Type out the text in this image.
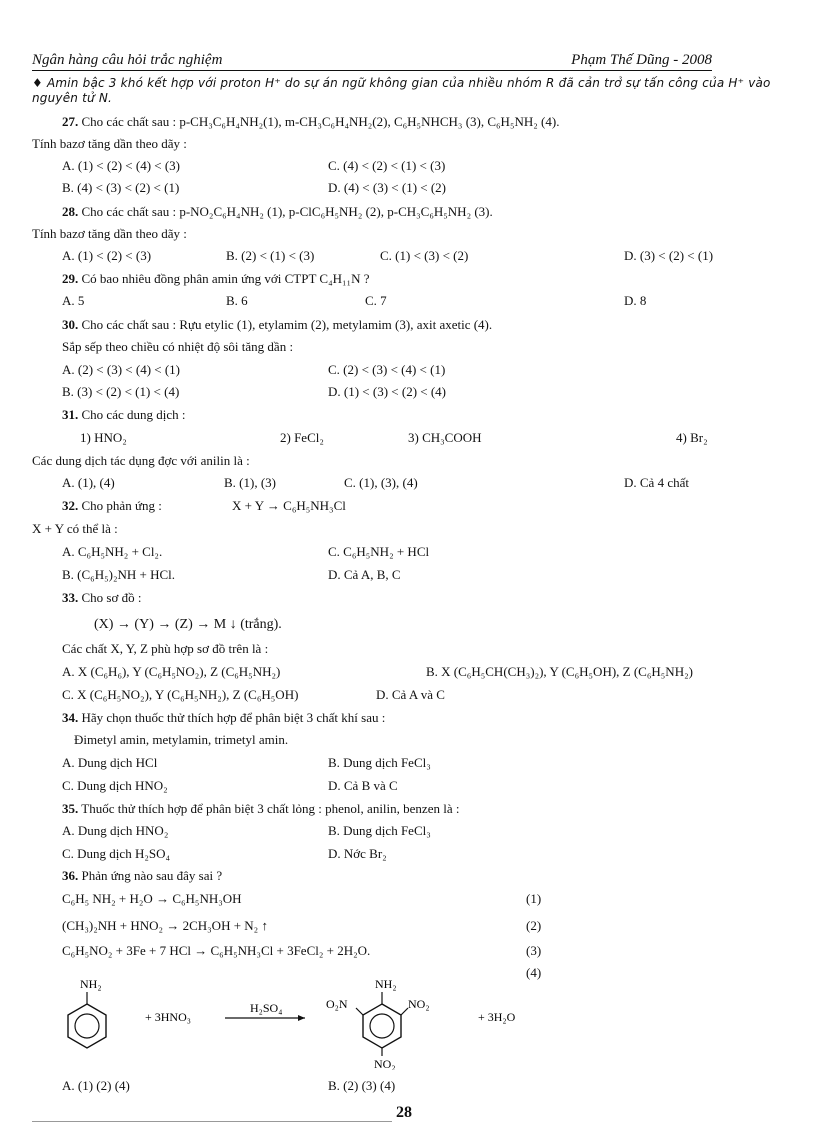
Ngân hàng câu hỏi trắc nghiệm	Phạm Thế Dũng - 2008
♦ Amin bậc 3 khó kết hợp với proton H⁺ do sự án ngữ không gian của nhiều nhóm R đã cản trở sự tấn công của H⁺ vào nguyên tử N.
27. Cho các chất sau : p-CH₃C₆H₄NH₂(1), m-CH₃C₆H₄NH₂(2), C₆H₅NHCH₃ (3), C₆H₅NH₂ (4).
Tính bazơ tăng dần theo dãy :
A. (1) < (2) < (4) < (3)	C. (4) < (2) < (1) < (3)
B. (4) < (3) < (2) < (1)	D. (4) < (3) < (1) < (2)
28. Cho các chất sau : p-NO₂C₆H₄NH₂ (1), p-ClC₆H₅NH₂ (2), p-CH₃C₆H₅NH₂ (3).
Tính bazơ tăng dần theo dãy :
A. (1) < (2) < (3)	B. (2) < (1) < (3)	C. (1) < (3) < (2)	D. (3) < (2) < (1)
29. Có bao nhiêu đồng phân amin ứng với CTPT C₄H₁₁N ?
A. 5	B. 6	C. 7	D. 8
30. Cho các chất sau : Rựu etylic (1), etylamim (2), metylamim (3), axit axetic (4).
Sắp sếp theo chiều có nhiệt độ sôi tăng dần :
A. (2) < (3) < (4) < (1)	C. (2) < (3) < (4) < (1)
B. (3) < (2) < (1) < (4)	D. (1) < (3) < (2) < (4)
31. Cho các dung dịch :
1) HNO₂	2) FeCl₂	3) CH₃COOH	4) Br₂
Các dung dịch tác dụng đợc với anilin là :
A. (1), (4)	B. (1), (3)	C. (1), (3), (4)	D. Cả 4 chất
32. Cho phản ứng :	X + Y → C₆H₅NH₃Cl
X + Y có thể là :
A. C₆H₅NH₂ + Cl₂.	C. C₆H₅NH₂ + HCl
B. (C₆H₅)₂NH + HCl.	D. Cả A, B, C
33. Cho sơ đồ :
(X) → (Y) → (Z) → M ↓ (trắng).
Các chất X, Y, Z phù hợp sơ đồ trên là :
A. X (C₆H₆), Y (C₆H₅NO₂), Z (C₆H₅NH₂)	B. X (C₆H₅CH(CH₃)₂), Y (C₆H₅OH), Z (C₆H₅NH₂)
C. X (C₆H₅NO₂), Y (C₆H₅NH₂), Z (C₆H₅OH)	D. Cả A và C
34. Hãy chọn thuốc thử thích hợp để phân biệt 3 chất khí sau :
Đimetyl amin, metylamin, trimetyl amin.
A. Dung dịch HCl	B. Dung dịch FeCl₃
C. Dung dịch HNO₂	D. Cả B và C
35. Thuốc thử thích hợp để phân biệt 3 chất lỏng : phenol, anilin, benzen là :
A. Dung dịch HNO₂	B. Dung dịch FeCl₃
C. Dung dịch H₂SO₄	D. Nớc Br₂
36. Phản ứng nào sau đây sai ?
C₆H₅ NH₂ + H₂O → C₆H₅NH₃OH	(1)
(CH₃)₂NH + HNO₂ → 2CH₃OH + N₂ ↑	(2)
C₆H₅NO₂ + 3Fe + 7 HCl → C₆H₅NH₃Cl + 3FeCl₂ + 2H₂O.	(3)
(4)
NH₂
+ 3HNO₃
H₂SO₄
NH₂
NO₂
O₂N
NO₂
+ 3H₂O
A. (1) (2) (4)	B. (2) (3) (4)
28
